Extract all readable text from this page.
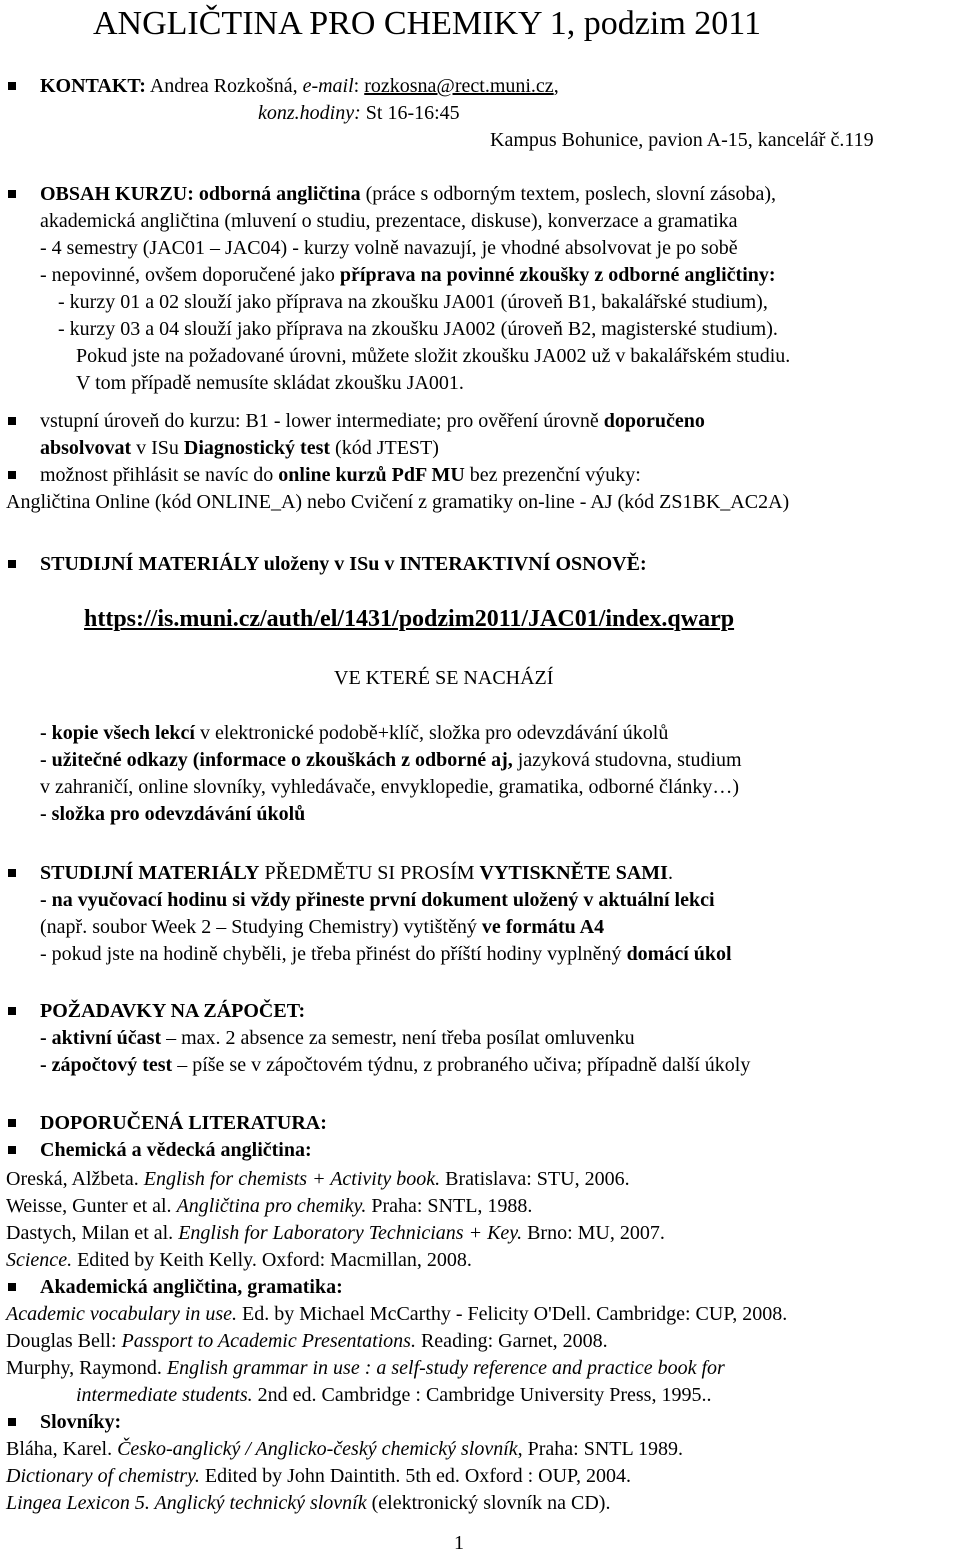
ANGLIČTINA PRO CHEMIKY 1, podzim 2011
KONTAKT: Andrea Rozkošná, e-mail: rozkosna@rect.muni.cz,
konz.hodiny: St 16-16:45
Kampus Bohunice, pavion A-15, kancelář č.119
OBSAH KURZU: odborná angličtina (práce s odborným textem, poslech, slovní zásoba),
akademická angličtina (mluvení o studiu, prezentace, diskuse), konverzace a gramatika
- 4 semestry (JAC01 – JAC04) - kurzy volně navazují, je vhodné absolvovat je po sobě
- nepovinné, ovšem doporučené jako příprava na povinné zkoušky z odborné angličtiny:
- kurzy 01 a 02 slouží jako příprava na zkoušku JA001 (úroveň B1, bakalářské studium),
- kurzy 03 a 04 slouží jako příprava na zkoušku JA002 (úroveň B2, magisterské studium).
Pokud jste na požadované úrovni, můžete složit zkoušku JA002 už v bakalářském studiu.
V tom případě nemusíte skládat zkoušku JA001.
vstupní úroveň do kurzu: B1 - lower intermediate; pro ověření úrovně doporučeno
absolvovat v ISu Diagnostický test (kód JTEST)
možnost přihlásit se navíc do online kurzů PdF MU bez prezenční výuky:
Angličtina Online (kód ONLINE_A) nebo Cvičení z gramatiky on-line - AJ (kód ZS1BK_AC2A)
STUDIJNÍ MATERIÁLY uloženy v ISu v INTERAKTIVNÍ OSNOVĚ:
https://is.muni.cz/auth/el/1431/podzim2011/JAC01/index.qwarp
VE KTERÉ SE NACHÁZÍ
- kopie všech lekcí v elektronické podobě+klíč, složka pro odevzdávání úkolů
- užitečné odkazy (informace o zkouškách z odborné aj, jazyková studovna, studium
v zahraničí, online slovníky, vyhledávače, envyklopedie, gramatika, odborné články…)
- složka pro odevzdávání úkolů
STUDIJNÍ MATERIÁLY PŘEDMĚTU SI PROSÍM VYTISKNĚTE SAMI.
- na vyučovací hodinu si vždy přineste první dokument uložený v aktuální lekci
(např. soubor Week 2 – Studying Chemistry) vytištěný ve formátu A4
- pokud jste na hodině chyběli, je třeba přinést do příští hodiny vyplněný domácí úkol
POŽADAVKY NA ZÁPOČET:
- aktivní účast – max. 2 absence za semestr, není třeba posílat omluvenku
- zápočtový test – píše se v zápočtovém týdnu, z probraného učiva; případně další úkoly
DOPORUČENÁ LITERATURA:
Chemická a vědecká angličtina:
Oreská, Alžbeta. English for chemists + Activity book. Bratislava: STU, 2006.
Weisse, Gunter et al. Angličtina pro chemiky. Praha: SNTL, 1988.
Dastych, Milan et al. English for Laboratory Technicians + Key. Brno: MU, 2007.
Science. Edited by Keith Kelly. Oxford: Macmillan, 2008.
Akademická angličtina, gramatika:
Academic vocabulary in use. Ed. by Michael McCarthy - Felicity O'Dell. Cambridge: CUP, 2008.
Douglas Bell: Passport to Academic Presentations. Reading: Garnet, 2008.
Murphy, Raymond. English grammar in use : a self-study reference and practice book for
intermediate students. 2nd ed. Cambridge : Cambridge University Press, 1995..
Slovníky:
Bláha, Karel. Česko-anglický / Anglicko-český chemický slovník, Praha: SNTL 1989.
Dictionary of chemistry. Edited by John Daintith. 5th ed. Oxford : OUP, 2004.
Lingea Lexicon 5. Anglický technický slovník (elektronický slovník na CD).
1
